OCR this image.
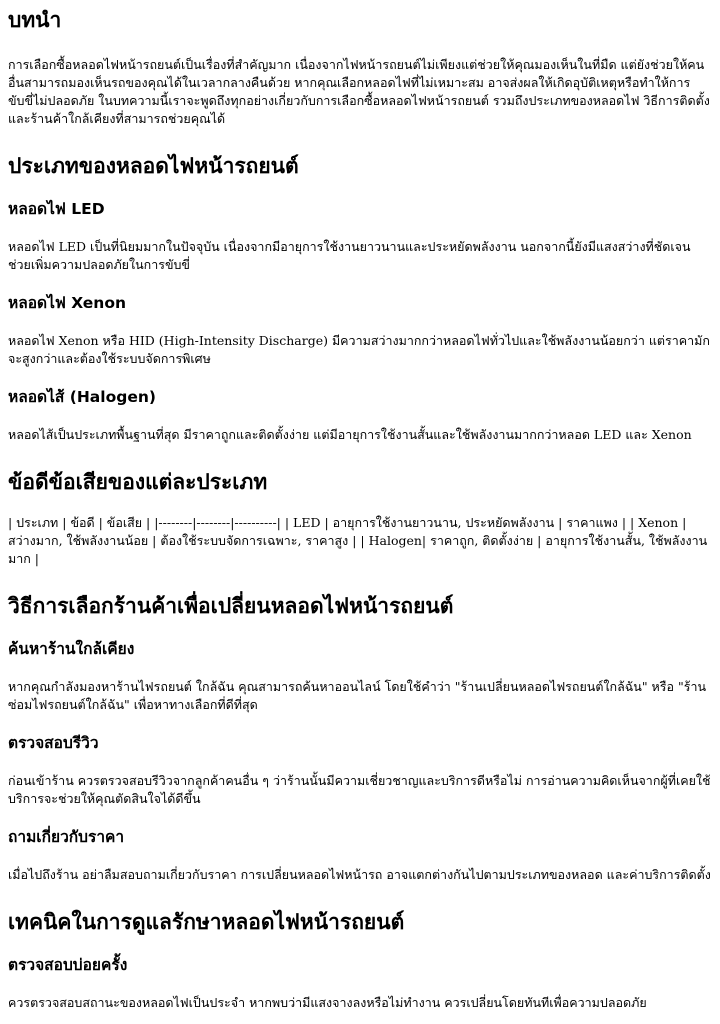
บทนำ

การเลือกซื้อหลอดไฟหน้ารถยนต์เป็นเรื่องที่สำคัญมาก เนื่องจากไฟหน้ารถยนต์ไม่เพียงแต่ช่วยให้คุณมองเห็นในที่มืด แต่ยังช่วยให้คนอื่นสามารถมองเห็นรถของคุณได้ในเวลากลางคืนด้วย หากคุณเลือกหลอดไฟที่ไม่เหมาะสม อาจส่งผลให้เกิดอุบัติเหตุหรือทำให้การขับขี่ไม่ปลอดภัย ในบทความนี้เราจะพูดถึงทุกอย่างเกี่ยวกับการเลือกซื้อหลอดไฟหน้ารถยนต์ รวมถึงประเภทของหลอดไฟ วิธีการติดตั้ง และร้านค้าใกล้เคียงที่สามารถช่วยคุณได้

ประเภทของหลอดไฟหน้ารถยนต์
หลอดไฟ LED

หลอดไฟ LED เป็นที่นิยมมากในปัจจุบัน เนื่องจากมีอายุการใช้งานยาวนานและประหยัดพลังงาน นอกจากนี้ยังมีแสงสว่างที่ชัดเจน ช่วยเพิ่มความปลอดภัยในการขับขี่

หลอดไฟ Xenon

หลอดไฟ Xenon หรือ HID (High-Intensity Discharge) มีความสว่างมากกว่าหลอดไฟทั่วไปและใช้พลังงานน้อยกว่า แต่ราคามักจะสูงกว่าและต้องใช้ระบบจัดการพิเศษ

หลอดไส้ (Halogen)

หลอดไส้เป็นประเภทพื้นฐานที่สุด มีราคาถูกและติดตั้งง่าย แต่มีอายุการใช้งานสั้นและใช้พลังงานมากกว่าหลอด LED และ Xenon

ข้อดีข้อเสียของแต่ละประเภท

| ประเภท | ข้อดี | ข้อเสีย | |--------|--------|----------| | LED | อายุการใช้งานยาวนาน, ประหยัดพลังงาน | ราคาแพง | | Xenon | สว่างมาก, ใช้พลังงานน้อย | ต้องใช้ระบบจัดการเฉพาะ, ราคาสูง | | Halogen| ราคาถูก, ติดตั้งง่าย | อายุการใช้งานสั้น, ใช้พลังงานมาก |

วิธีการเลือกร้านค้าเพื่อเปลี่ยนหลอดไฟหน้ารถยนต์
ค้นหาร้านใกล้เคียง

หากคุณกำลังมองหาร้านไฟรถยนต์ ใกล้ฉัน คุณสามารถค้นหาออนไลน์ โดยใช้คำว่า "ร้านเปลี่ยนหลอดไฟรถยนต์ใกล้ฉัน" หรือ "ร้านซ่อมไฟรถยนต์ใกล้ฉัน" เพื่อหาทางเลือกที่ดีที่สุด

ตรวจสอบรีวิว

ก่อนเข้าร้าน ควรตรวจสอบรีวิวจากลูกค้าคนอื่น ๆ ว่าร้านนั้นมีความเชี่ยวชาญและบริการดีหรือไม่ การอ่านความคิดเห็นจากผู้ที่เคยใช้บริการจะช่วยให้คุณตัดสินใจได้ดีขึ้น

ถามเกี่ยวกับราคา

เมื่อไปถึงร้าน อย่าลืมสอบถามเกี่ยวกับราคา การเปลี่ยนหลอดไฟหน้ารถ อาจแตกต่างกันไปตามประเภทของหลอด และค่าบริการติดตั้ง

เทคนิคในการดูแลรักษาหลอดไฟหน้ารถยนต์
ตรวจสอบบ่อยครั้ง

ควรตรวจสอบสถานะของหลอดไฟเป็นประจำ หากพบว่ามีแสงจางลงหรือไม่ทำงาน ควรเปลี่ยนโดยทันทีเพื่อความปลอดภัย
